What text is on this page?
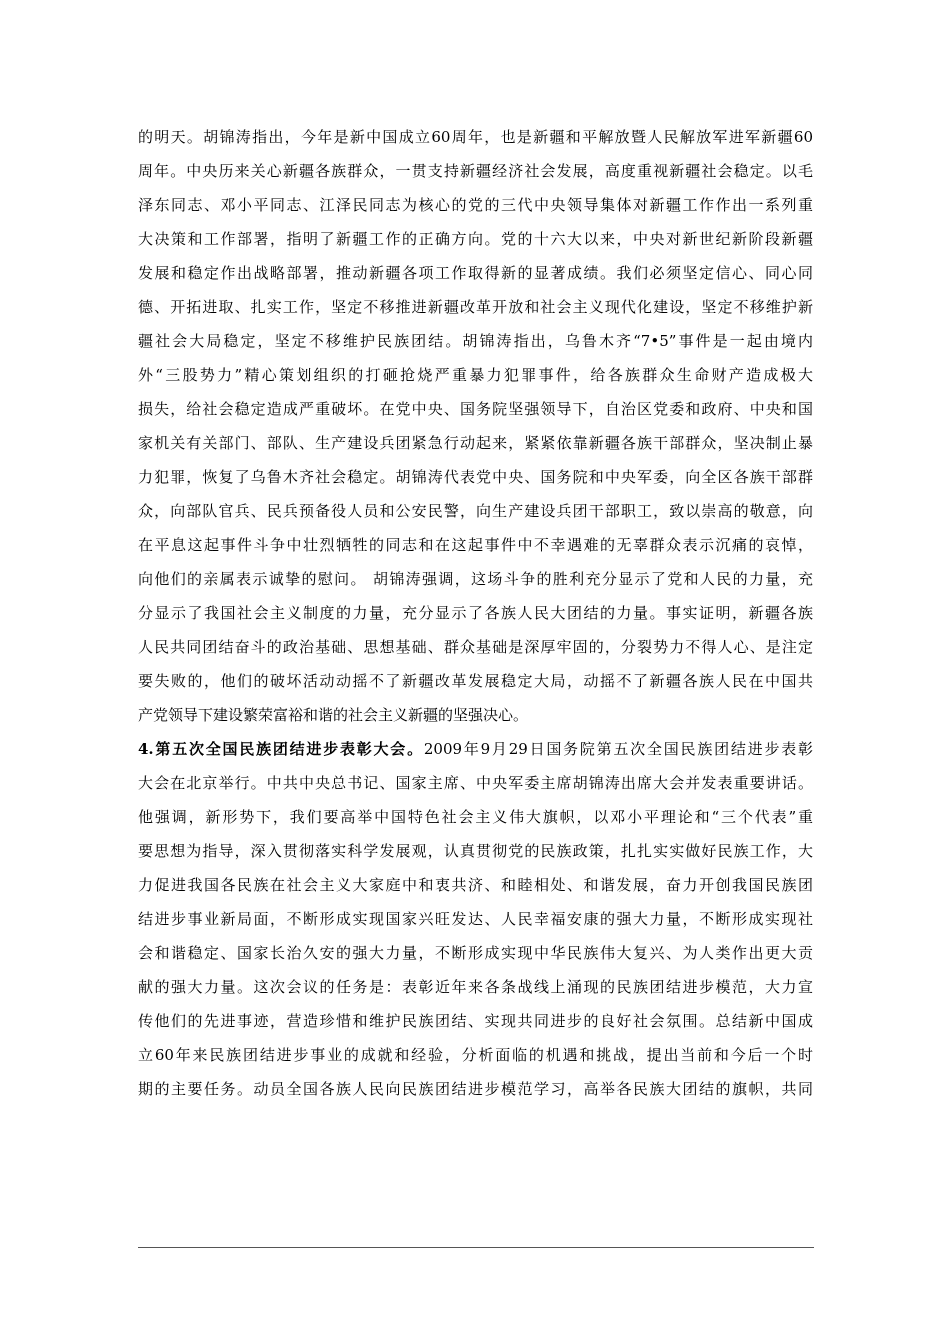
的明天。胡锦涛指出，今年是新中国成立60周年，也是新疆和平解放暨人民解放军进军新疆60
周年。中央历来关心新疆各族群众，一贯支持新疆经济社会发展，高度重视新疆社会稳定。以毛
泽东同志、邓小平同志、江泽民同志为核心的党的三代中央领导集体对新疆工作作出一系列重
大决策和工作部署，指明了新疆工作的正确方向。党的十六大以来，中央对新世纪新阶段新疆
发展和稳定作出战略部署，推动新疆各项工作取得新的显著成绩。我们必须坚定信心、同心同
德、开拓进取、扎实工作，坚定不移推进新疆改革开放和社会主义现代化建设，坚定不移维护新
疆社会大局稳定，坚定不移维护民族团结。胡锦涛指出，乌鲁木齐“7•5”事件是一起由境内
外“三股势力”精心策划组织的打砸抢烧严重暴力犯罪事件，给各族群众生命财产造成极大
损失，给社会稳定造成严重破坏。在党中央、国务院坚强领导下，自治区党委和政府、中央和国
家机关有关部门、部队、生产建设兵团紧急行动起来，紧紧依靠新疆各族干部群众，坚决制止暴
力犯罪，恢复了乌鲁木齐社会稳定。胡锦涛代表党中央、国务院和中央军委，向全区各族干部群
众，向部队官兵、民兵预备役人员和公安民警，向生产建设兵团干部职工，致以崇高的敬意，向
在平息这起事件斗争中壮烈牺牲的同志和在这起事件中不幸遇难的无辜群众表示沉痛的哀悼，
向他们的亲属表示诚挚的慰问。 胡锦涛强调，这场斗争的胜利充分显示了党和人民的力量，充
分显示了我国社会主义制度的力量，充分显示了各族人民大团结的力量。事实证明，新疆各族
人民共同团结奋斗的政治基础、思想基础、群众基础是深厚牢固的，分裂势力不得人心、是注定
要失败的，他们的破坏活动动摇不了新疆改革发展稳定大局，动摇不了新疆各族人民在中国共
产党领导下建设繁荣富裕和谐的社会主义新疆的坚强决心。
4.第五次全国民族团结进步表彰大会。2009年9月29日国务院第五次全国民族团结进步表彰
大会在北京举行。中共中央总书记、国家主席、中央军委主席胡锦涛出席大会并发表重要讲话。
他强调，新形势下，我们要高举中国特色社会主义伟大旗帜，以邓小平理论和“三个代表”重
要思想为指导，深入贯彻落实科学发展观，认真贯彻党的民族政策，扎扎实实做好民族工作，大
力促进我国各民族在社会主义大家庭中和衷共济、和睦相处、和谐发展，奋力开创我国民族团
结进步事业新局面，不断形成实现国家兴旺发达、人民幸福安康的强大力量，不断形成实现社
会和谐稳定、国家长治久安的强大力量，不断形成实现中华民族伟大复兴、为人类作出更大贡
献的强大力量。这次会议的任务是：表彰近年来各条战线上涌现的民族团结进步模范，大力宣
传他们的先进事迹，营造珍惜和维护民族团结、实现共同进步的良好社会氛围。总结新中国成
立60年来民族团结进步事业的成就和经验，分析面临的机遇和挑战，提出当前和今后一个时
期的主要任务。动员全国各族人民向民族团结进步模范学习，高举各民族大团结的旗帜，共同
